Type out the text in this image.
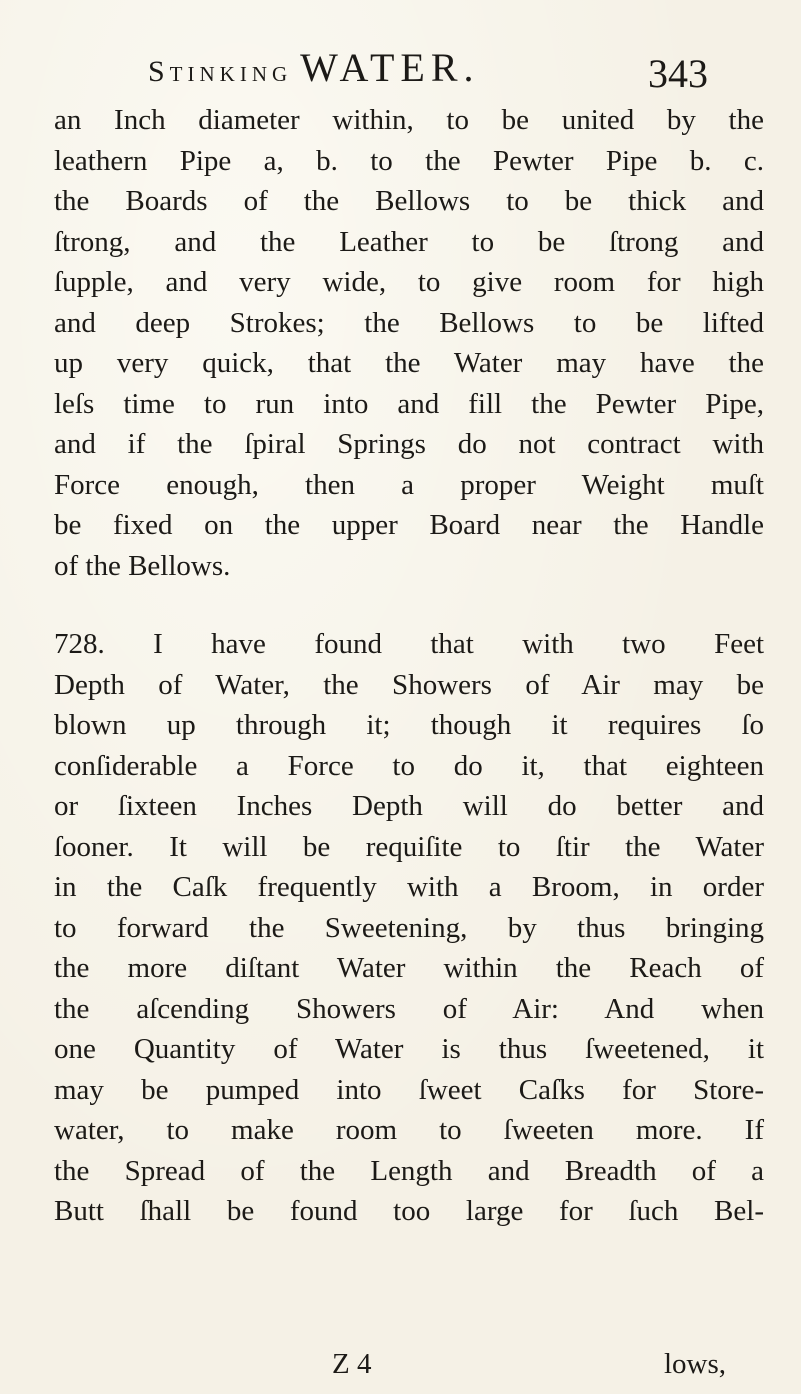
Stinking WATER.	343
an Inch diameter within, to be united by the
leathern Pipe a, b. to the Pewter Pipe b. c.
the Boards of the Bellows to be thick and
ſtrong, and the Leather to be ſtrong and
ſupple, and very wide, to give room for high
and deep Strokes; the Bellows to be lifted
up very quick, that the Water may have the
leſs time to run into and fill the Pewter Pipe,
and if the ſpiral Springs do not contract with
Force enough, then a proper Weight muſt
be fixed on the upper Board near the Handle
of the Bellows.
728. I have found that with two Feet
Depth of Water, the Showers of Air may be
blown up through it; though it requires ſo
conſiderable a Force to do it, that eighteen
or ſixteen Inches Depth will do better and
ſooner. It will be requiſite to ſtir the Water
in the Caſk frequently with a Broom, in order
to forward the Sweetening, by thus bringing
the more diſtant Water within the Reach of
the aſcending Showers of Air: And when
one Quantity of Water is thus ſweetened, it
may be pumped into ſweet Caſks for Store-
water, to make room to ſweeten more. If
the Spread of the Length and Breadth of a
Butt ſhall be found too large for ſuch Bel-
Z 4	lows,
